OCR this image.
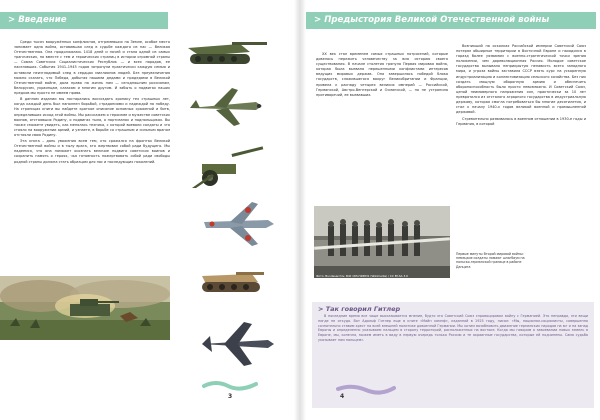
> Введение

Среди тысяч вооружённых конфликтов, отгремевших на Земле, особое место занимает одна война, оставившая след в судьбе каждого из нас — Великая Отечественная. Она продолжалась 1418 дней и ночей и стала одной из самых трагических, но вместе с тем и героических страниц в истории огромной страны — Союза Советских Социалистических Республик — и всех народов, ее населявших. События 1941–1945 годов затронули практически каждую семью и оставили неизгладимый след в сердцах миллионов людей. Без преувеличения можно сказать, что Победа, добытая нашими дедами и прадедами в Великой Отечественной войне, дала право на жизнь нам — сегодняшним россиянам, белорусам, украинцам, казахам и многим другим. И забыть о подвигах наших предков мы просто не имеем права.

В данном издании мы постарались воссоздать хронику тех страшных лет, когда каждый день был наполнен борьбой, страданиями и надеждой на победу. На страницах книги вы найдете краткое описание основных сражений и битв, определивших исход этой войны. Мы расскажем о героизме и мужестве советских воинов, отстоявших Родину, о подвигах тыла, о партизанах и подпольщиках. Вы также сможете увидеть, как менялась техника, с которой воевали солдаты и что стояло на вооружении армий, и узнаете, в борьбе со страшным и сильным врагом отстояли свою Родину.

Эта книга – дань уважения всем тем, кто сражался на фронтах Великой Отечественной войны и в тылу врага, кто жертвовал собой ради будущего. Мы надеемся, что она поможет осознать величие подвига советских воинов и сохранить память о героях, чья готовность пожертвовать собой ради свободы родной страны должна стать образцом для нас и последующих поколений.

3
> Предыстория Великой Отечественной войны

XX век стал временем самых страшных потрясений, которые довелось пережить человечеству за всю историю своего существования. В начале столетия грянула Первая мировая война, которая была вызвана нерешенными конфликтами интересов ведущих мировых держав. Она завершилась победой блока государств, сложившегося вокруг Великобритании и Франции, привела к распаду четырех великих империй — Российской, Германской, Австро-Венгерской и Османской, — но не устранила противоречий, ее вызвавших.

Возникший на осколках Российской империи Советский Союз потерял обширные территории в Восточной Европе и находился в горазд более уязвимом с военно-стратегической точки зрения положении, чем дореволюционная Россия. Молодое советское государство вызывало неприкрытую ненависть всего западного мира, и угроза войны заставила СССР взять курс на ускоренную индустриализацию и коллективизацию сельского хозяйства. Без них создать мощную оборонную армию и обеспечить обороноспособность было просто невозможно. И Советский Союз, ценой неимоверного напряжения сил, практически за 10 лет превратился из отсталого аграрного государства в индустриальную державу, которая смогла потребоваться бы многие десятилетия, и стал к началу 1940-х годов великой военной и промышленной державой.

Стремительно развивалась в военном отношении в 1930-е годы и Германия, в которой

Фото: Bundesarchiv, Bild 183-H28831 (Wikimedia) / CC BY-SA 3.0
Первые минуты Второй мировой войны: немецкие солдаты ломают шлагбаум на польско-германской границе в районе Данцига
А ТЫ ЗНАЕШЬ?
> Так говорил Гитлер

В последние время все чаще высказывается мнение, будто это Советский Союз спровоцировал войну с Германией. Это неправда, эти вещи нигде не откуда. Вот Адольф Гитлер еще в книге «Майн кампф», изданной в 1925 году, писал: «Мы, национал-социалисты, совершенно сознательно ставим крест на всей внешней политике довоенной Германии. Мы хотим возобновить движение германских народов на юг и на запад Европы и определенно указываем пальцем в сторону территорий, расположенных на востоке. Когда мы говорим о завоевании новых земель в Европе, мы, конечно, можем иметь в виду в первую очередь только Россию и те окраинные государства, которые ей подчинены. Сама судьба указывает нам пальцем».

4
